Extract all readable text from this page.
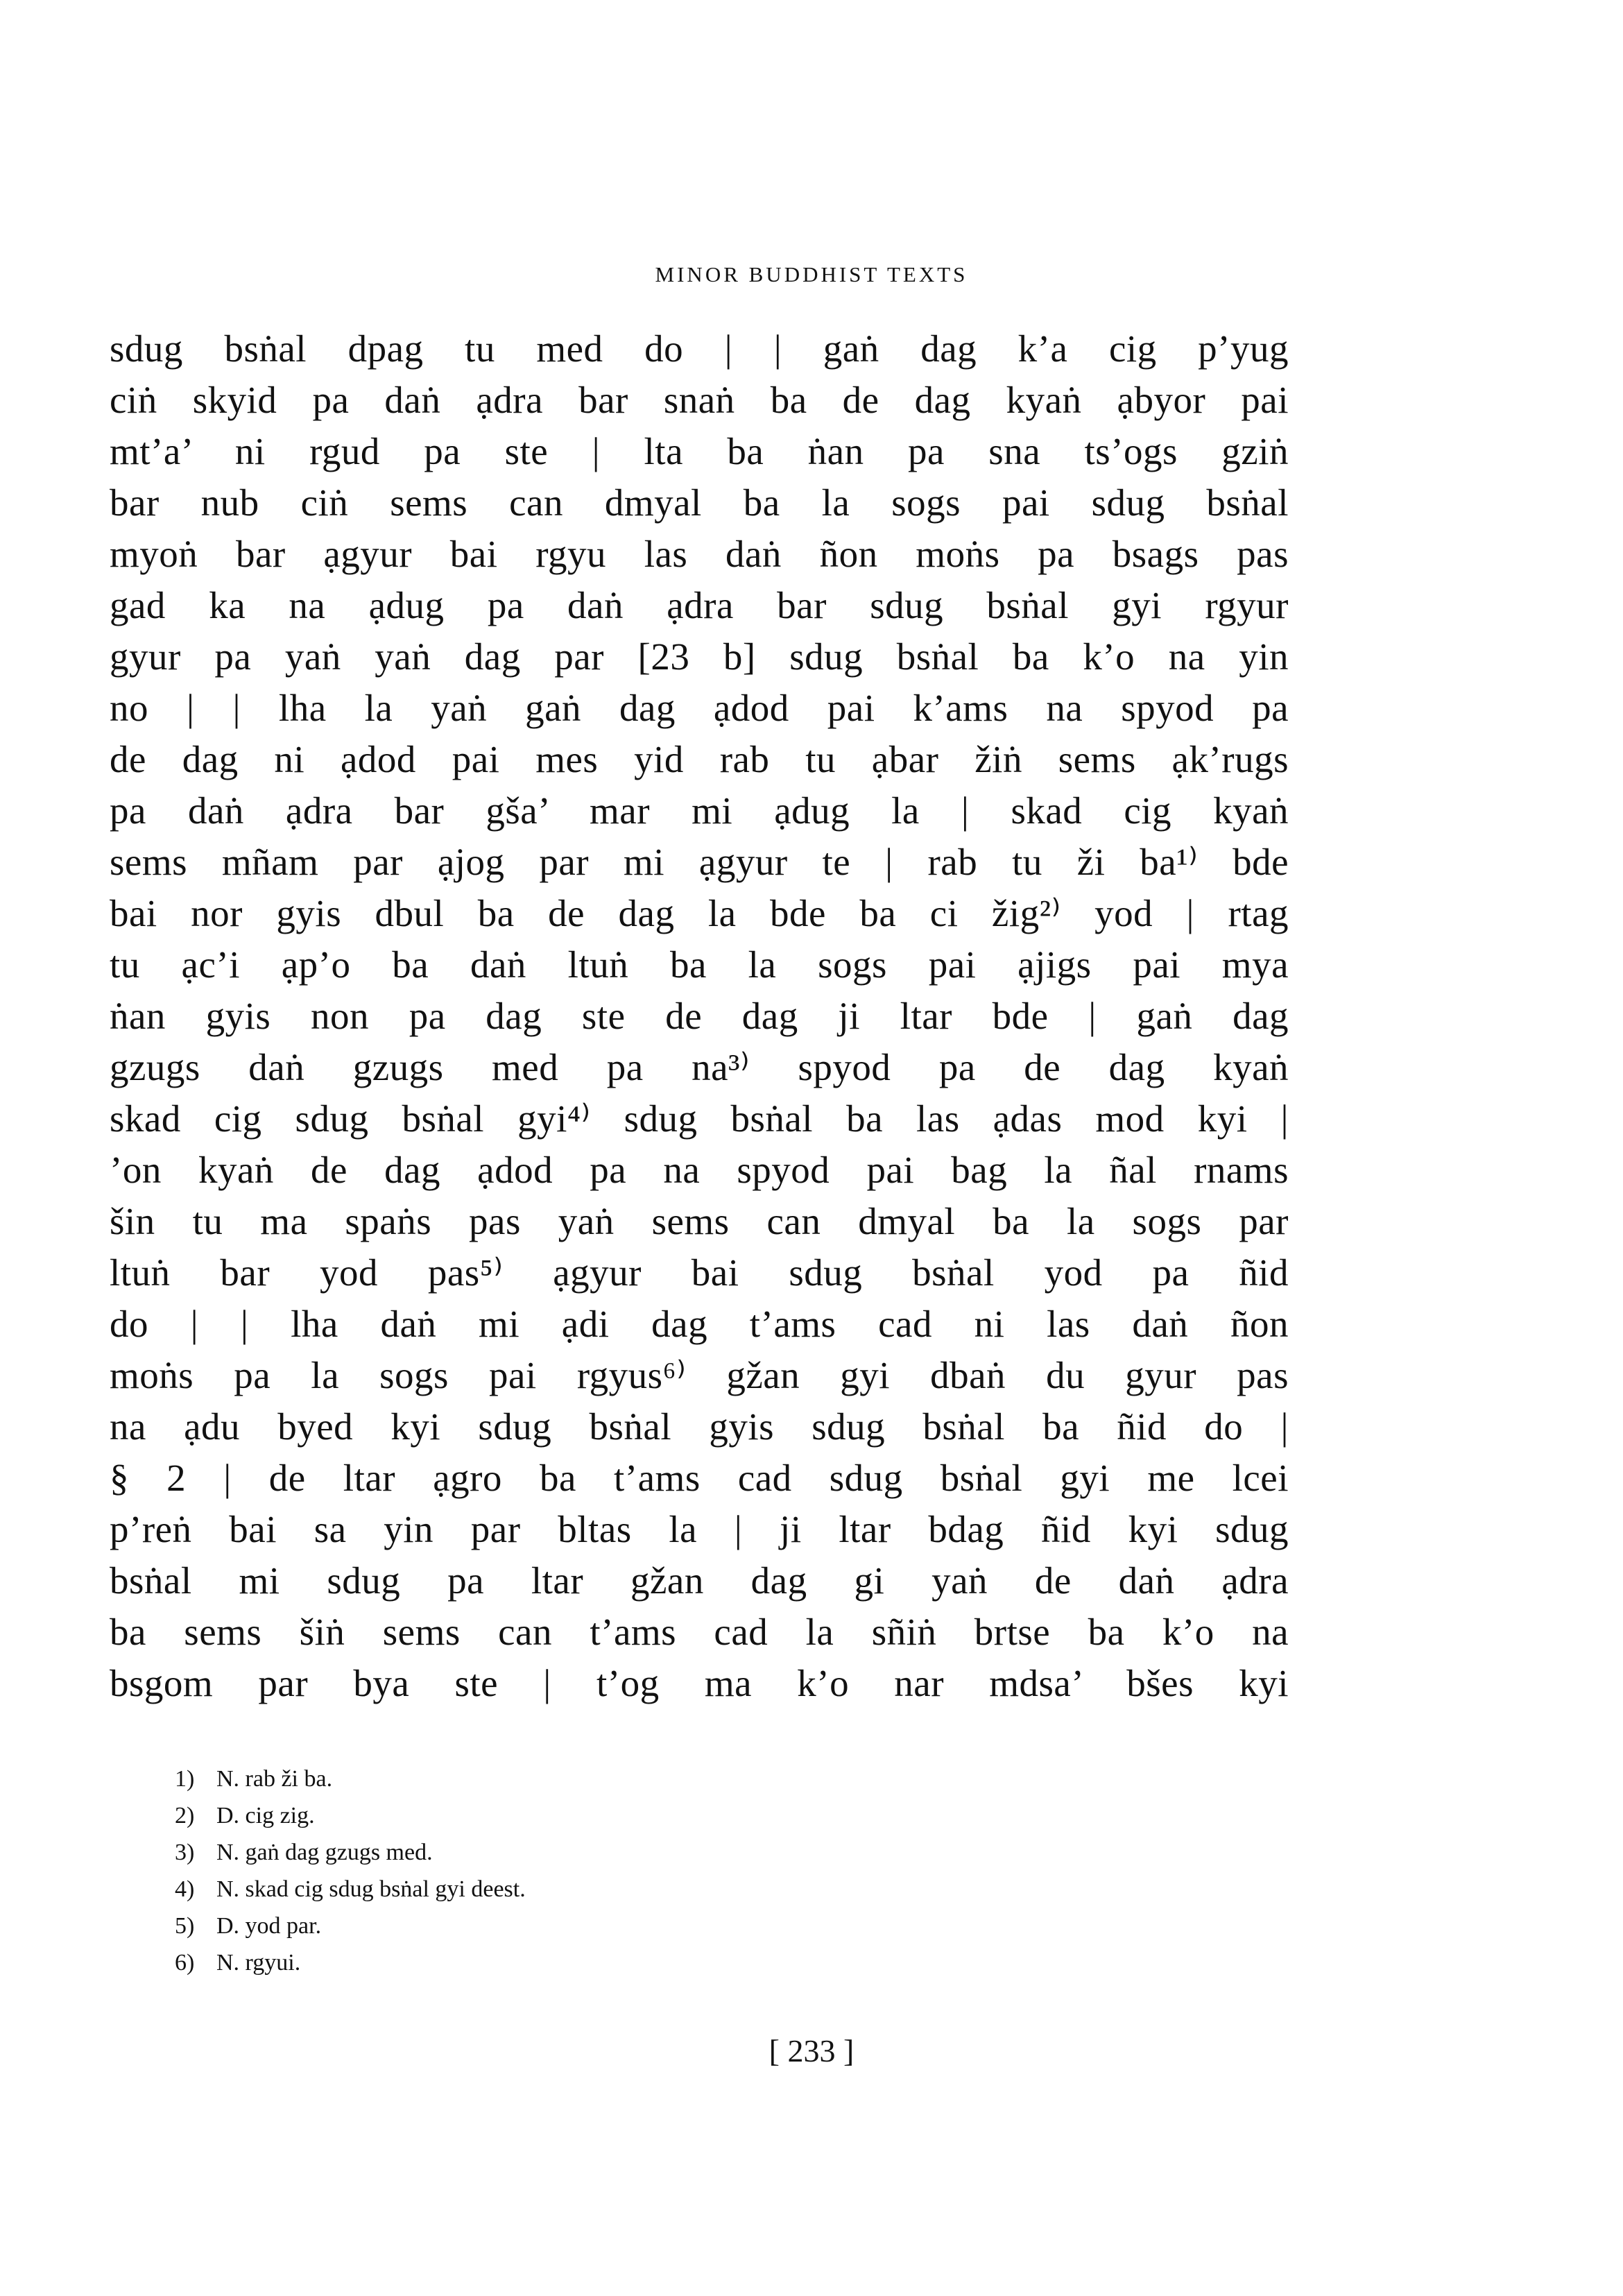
MINOR BUDDHIST TEXTS
sdug bsṅal dpag tu med do | | gaṅ dag k’a cig p’yug
ciṅ skyid pa daṅ ạdra bar snaṅ ba de dag kyaṅ ạbyor pai
mt’a’ ni rgud pa ste | lta ba ṅan pa sna ts’ogs gziṅ
bar nub ciṅ sems can dmyal ba la sogs pai sdug bsṅal
myoṅ bar ạgyur bai rgyu las daṅ ñon moṅs pa bsags pas
gad ka na ạdug pa daṅ ạdra bar sdug bsṅal gyi rgyur
gyur pa yaṅ yaṅ dag par [23 b] sdug bsṅal ba k’o na yin
no | | lha la yaṅ gaṅ dag ạdod pai k’ams na spyod pa
de dag ni ạdod pai mes yid rab tu ạbar žiṅ sems ạk’rugs
pa daṅ ạdra bar gša’ mar mi ạdug la | skad cig kyaṅ
sems mñam par ạjog par mi ạgyur te | rab tu ži ba¹⁾ bde
bai nor gyis dbul ba de dag la bde ba ci žig²⁾ yod | rtag
tu ạc’i ạp’o ba daṅ ltuṅ ba la sogs pai ạjigs pai mya
ṅan gyis non pa dag ste de dag ji ltar bde | gaṅ dag
gzugs daṅ gzugs med pa na³⁾ spyod pa de dag kyaṅ
skad cig sdug bsṅal gyi⁴⁾ sdug bsṅal ba las ạdas mod kyi |
’on kyaṅ de dag ạdod pa na spyod pai bag la ñal rnams
šin tu ma spaṅs pas yaṅ sems can dmyal ba la sogs par
ltuṅ bar yod pas⁵⁾ ạgyur bai sdug bsṅal yod pa ñid
do | | lha daṅ mi ạdi dag t’ams cad ni las daṅ ñon
moṅs pa la sogs pai rgyus⁶⁾ gžan gyi dbaṅ du gyur pas
na ạdu byed kyi sdug bsṅal gyis sdug bsṅal ba ñid do |
§ 2 | de ltar ạgro ba t’ams cad sdug bsṅal gyi me lcei
p’reṅ bai sa yin par bltas la | ji ltar bdag ñid kyi sdug
bsṅal mi sdug pa ltar gžan dag gi yaṅ de daṅ ạdra
ba sems šiṅ sems can t’ams cad la sñiṅ brtse ba k’o na
bsgom par bya ste | t’og ma k’o nar mdsa’ bšes kyi
1) N. rab ži ba.
2) D. cig zig.
3) N. gaṅ dag gzugs med.
4) N. skad cig sdug bsṅal gyi deest.
5) D. yod par.
6) N. rgyui.
[ 233 ]
